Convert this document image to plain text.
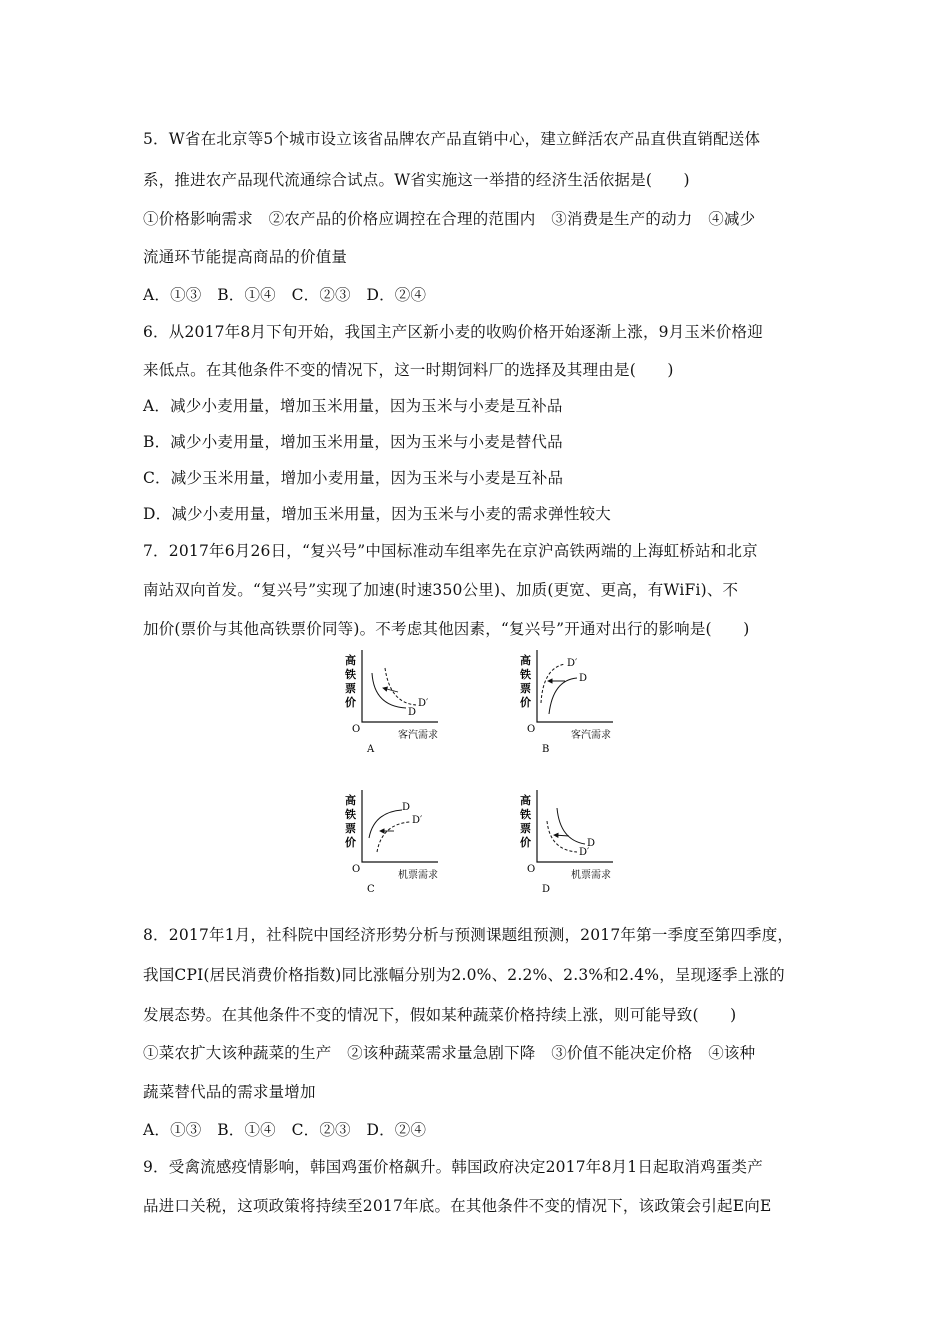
5．W省在北京等5个城市设立该省品牌农产品直销中心，建立鲜活农产品直供直销配送体
系，推进农产品现代流通综合试点。W省实施这一举措的经济生活依据是(　　)
①价格影响需求　②农产品的价格应调控在合理的范围内　③消费是生产的动力　④减少
流通环节能提高商品的价值量
A．①③　B．①④　C．②③　D．②④
6．从2017年8月下旬开始，我国主产区新小麦的收购价格开始逐渐上涨，9月玉米价格迎
来低点。在其他条件不变的情况下，这一时期饲料厂的选择及其理由是(　　)
A．减少小麦用量，增加玉米用量，因为玉米与小麦是互补品
B．减少小麦用量，增加玉米用量，因为玉米与小麦是替代品
C．减少玉米用量，增加小麦用量，因为玉米与小麦是互补品
D．减少小麦用量，增加玉米用量，因为玉米与小麦的需求弹性较大
7．2017年6月26日，“复兴号”中国标准动车组率先在京沪高铁两端的上海虹桥站和北京
南站双向首发。“复兴号”实现了加速(时速350公里)、加质(更宽、更高，有WiFi)、不
加价(票价与其他高铁票价同等)。不考虑其他因素，“复兴号”开通对出行的影响是(　　)
高
铁
票
价
O
客汽需求
A
D′
D
高
铁
票
价
O
客汽需求
B
D′
D
高
铁
票
价
O
机票需求
C
D
D′
高
铁
票
价
O
机票需求
D
D
D′
8．2017年1月，社科院中国经济形势分析与预测课题组预测，2017年第一季度至第四季度，
我国CPI(居民消费价格指数)同比涨幅分别为2.0%、2.2%、2.3%和2.4%，呈现逐季上涨的
发展态势。在其他条件不变的情况下，假如某种蔬菜价格持续上涨，则可能导致(　　)
①菜农扩大该种蔬菜的生产　②该种蔬菜需求量急剧下降　③价值不能决定价格　④该种
蔬菜替代品的需求量增加
A．①③　B．①④　C．②③　D．②④
9．受禽流感疫情影响，韩国鸡蛋价格飙升。韩国政府决定2017年8月1日起取消鸡蛋类产
品进口关税，这项政策将持续至2017年底。在其他条件不变的情况下，该政策会引起E向E
